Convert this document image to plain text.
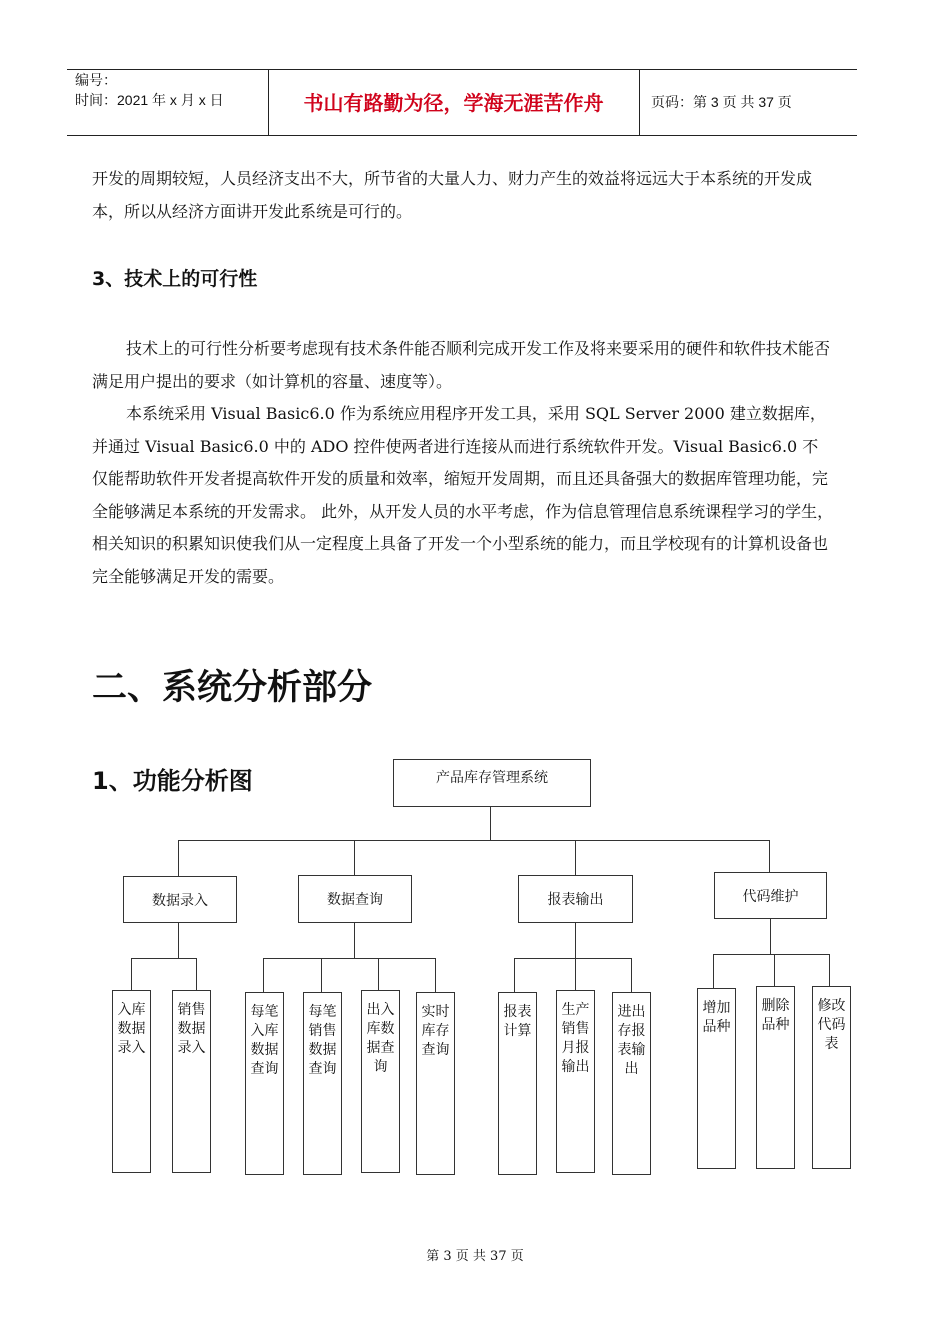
编号：
时间：2021 年 x 月 x 日	书山有路勤为径，学海无涯苦作舟	页码：第 3 页 共 37 页
开发的周期较短，人员经济支出不大，所节省的大量人力、财力产生的效益将远远大于本系统的开发成本，所以从经济方面讲开发此系统是可行的。
3、技术上的可行性
技术上的可行性分析要考虑现有技术条件能否顺利完成开发工作及将来要采用的硬件和软件技术能否满足用户提出的要求（如计算机的容量、速度等）。
本系统采用 Visual Basic6.0 作为系统应用程序开发工具，采用 SQL Server 2000 建立数据库，并通过 Visual Basic6.0 中的 ADO 控件使两者进行连接从而进行系统软件开发。Visual Basic6.0 不仅能帮助软件开发者提高软件开发的质量和效率，缩短开发周期，而且还具备强大的数据库管理功能，完全能够满足本系统的开发需求。 此外，从开发人员的水平考虑，作为信息管理信息系统课程学习的学生，相关知识的积累知识使我们从一定程度上具备了开发一个小型系统的能力，而且学校现有的计算机设备也完全能够满足开发的需要。
二、系统分析部分
1、功能分析图	产品库存管理系统
数据录入	数据查询	报表输出	代码维护
入库数据录入
销售数据录入
每笔入库数据查询
每笔销售数据查询
出入库数据查询
实时库存查询
报表计算
生产销售月报输出
进出存报表输出
增加品种
删除品种
修改代码表
第 3 页 共 37 页
